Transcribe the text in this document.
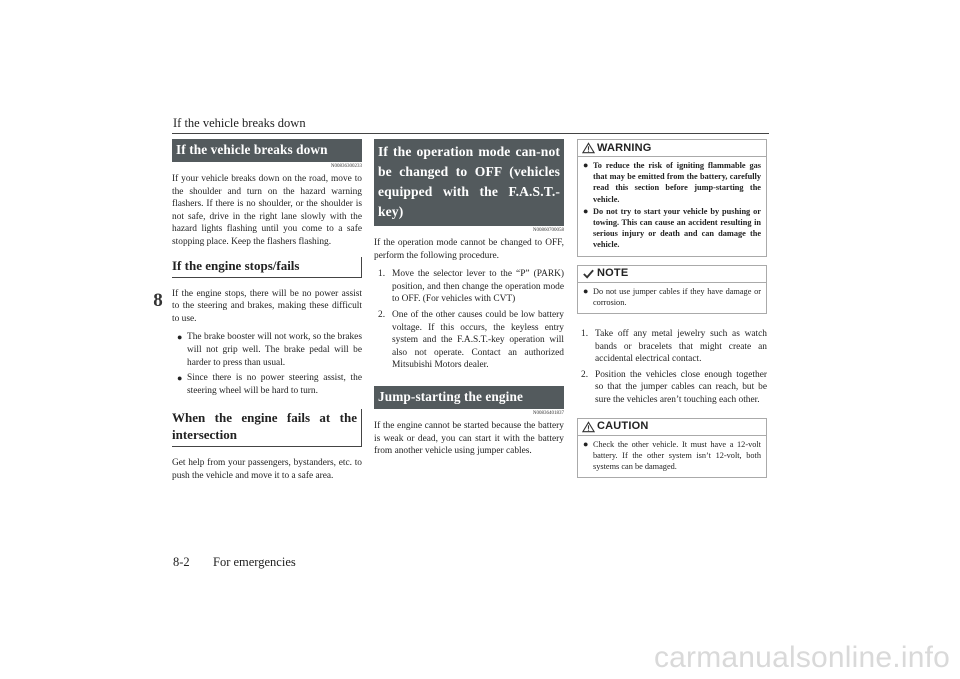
If the vehicle breaks down
8
If the vehicle breaks down
N00836300233

If your vehicle breaks down on the road, move to the shoulder and turn on the hazard warning flashers. If there is no shoulder, or the shoulder is not safe, drive in the right lane slowly with the hazard lights flashing until you come to a safe stopping place. Keep the flashers flashing.

If the engine stops/fails

If the engine stops, there will be no power assist to the steering and brakes, making these difficult to use.

● The brake booster will not work, so the brakes will not grip well. The brake pedal will be harder to press than usual.
● Since there is no power steering assist, the steering wheel will be hard to turn.
When the engine fails at the intersection

Get help from your passengers, bystanders, etc. to push the vehicle and move it to a safe area.

If the operation mode can-not be changed to OFF (vehicles equipped with the F.A.S.T.-key)
N00860700058

If the operation mode cannot be changed to OFF, perform the following procedure.

1. Move the selector lever to the “P” (PARK) position, and then change the operation mode to OFF. (For vehicles with CVT)
2. One of the other causes could be low battery voltage. If this occurs, the keyless entry system and the F.A.S.T.-key operation will also not operate. Contact an authorized Mitsubishi Motors dealer.
Jump-starting the engine
N00836401837

If the engine cannot be started because the battery is weak or dead, you can start it with the battery from another vehicle using jumper cables.

WARNING
● To reduce the risk of igniting flammable gas that may be emitted from the battery, carefully read this section before jump-starting the vehicle.
● Do not try to start your vehicle by pushing or towing. This can cause an accident resulting in serious injury or death and can damage the vehicle.
NOTE
● Do not use jumper cables if they have damage or corrosion.
1. Take off any metal jewelry such as watch bands or bracelets that might create an accidental electrical contact.
2. Position the vehicles close enough together so that the jumper cables can reach, but be sure the vehicles aren’t touching each other.
CAUTION
● Check the other vehicle. It must have a 12-volt battery. If the other system isn’t 12-volt, both systems can be damaged.
8-2 For emergencies
carmanualsonline.info
